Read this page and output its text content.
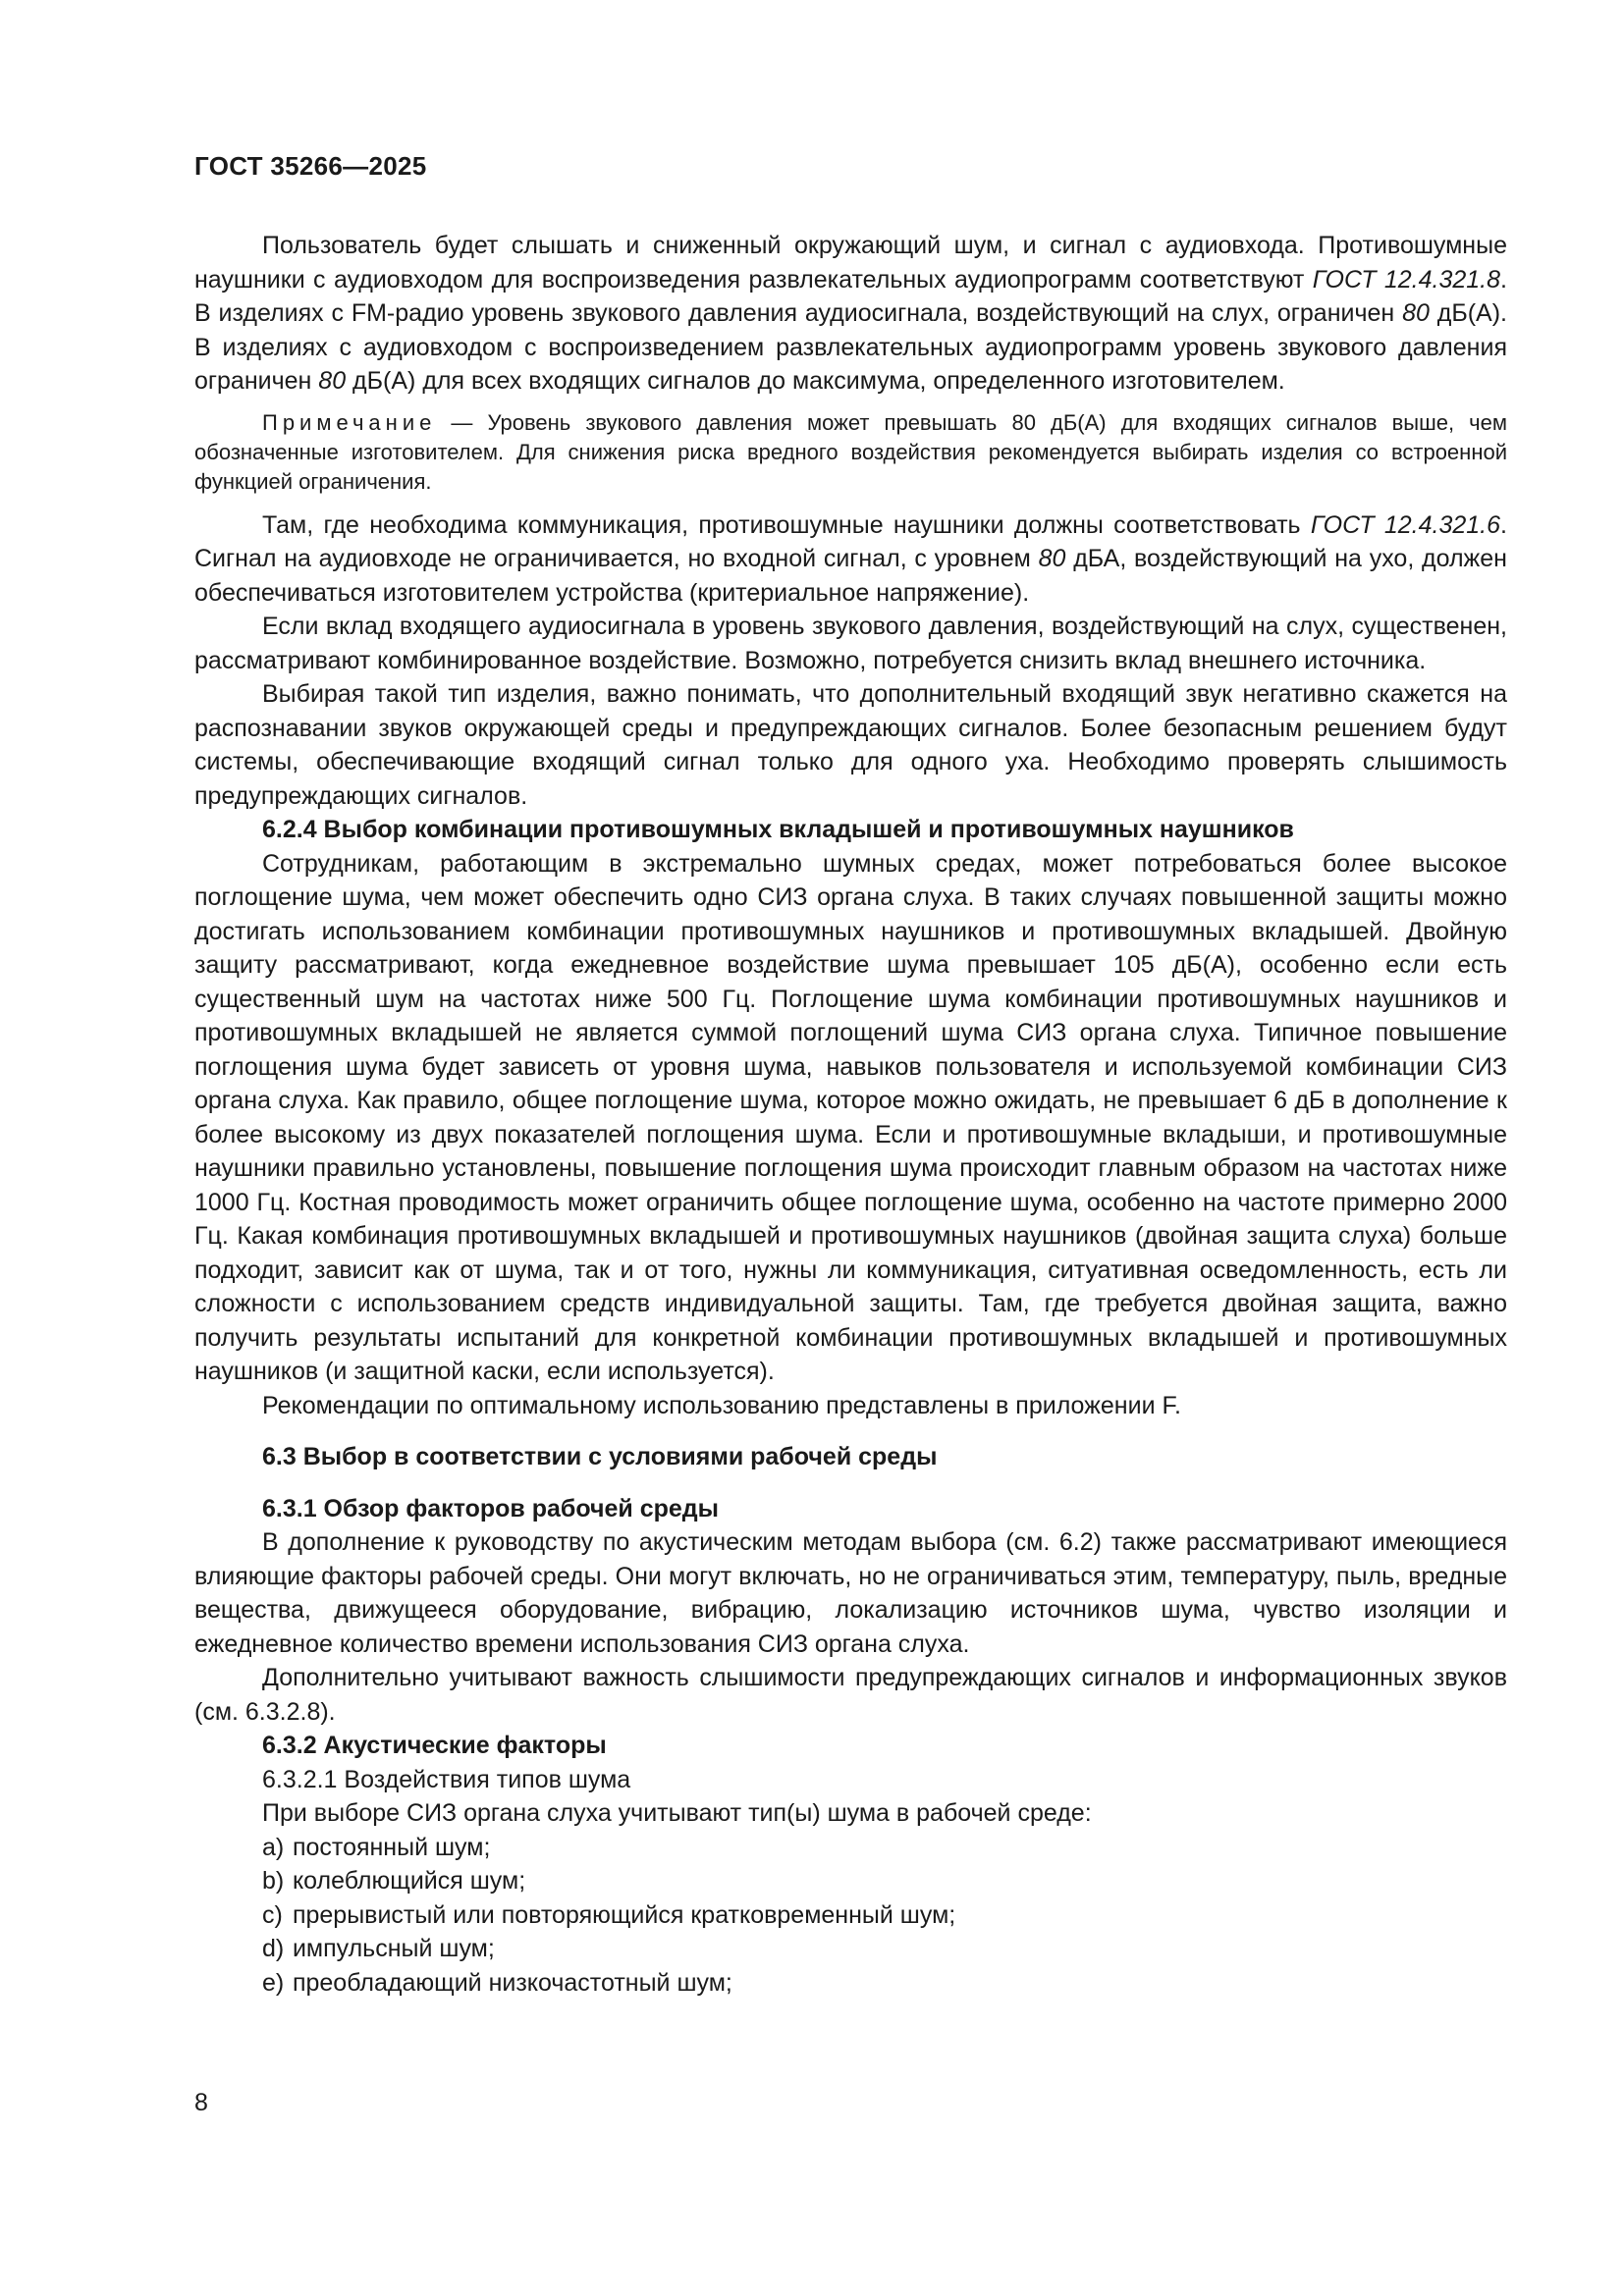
ГОСТ 35266—2025

Пользователь будет слышать и сниженный окружающий шум, и сигнал с аудиовхода. Противошумные наушники с аудиовходом для воспроизведения развлекательных аудиопрограмм соответствуют ГОСТ 12.4.321.8. В изделиях с FM-радио уровень звукового давления аудиосигнала, воздействующий на слух, ограничен 80 дБ(А). В изделиях с аудиовходом с воспроизведением развлекательных аудиопрограмм уровень звукового давления ограничен 80 дБ(А) для всех входящих сигналов до максимума, определенного изготовителем.

Примечание — Уровень звукового давления может превышать 80 дБ(А) для входящих сигналов выше, чем обозначенные изготовителем. Для снижения риска вредного воздействия рекомендуется выбирать изделия со встроенной функцией ограничения.

Там, где необходима коммуникация, противошумные наушники должны соответствовать ГОСТ 12.4.321.6. Сигнал на аудиовходе не ограничивается, но входной сигнал, с уровнем 80 дБА, воздействующий на ухо, должен обеспечиваться изготовителем устройства (критериальное напряжение).

Если вклад входящего аудиосигнала в уровень звукового давления, воздействующий на слух, существенен, рассматривают комбинированное воздействие. Возможно, потребуется снизить вклад внешнего источника.

Выбирая такой тип изделия, важно понимать, что дополнительный входящий звук негативно скажется на распознавании звуков окружающей среды и предупреждающих сигналов. Более безопасным решением будут системы, обеспечивающие входящий сигнал только для одного уха. Необходимо проверять слышимость предупреждающих сигналов.

6.2.4 Выбор комбинации противошумных вкладышей и противошумных наушников

Сотрудникам, работающим в экстремально шумных средах, может потребоваться более высокое поглощение шума, чем может обеспечить одно СИЗ органа слуха. В таких случаях повышенной защиты можно достигать использованием комбинации противошумных наушников и противошумных вкладышей. Двойную защиту рассматривают, когда ежедневное воздействие шума превышает 105 дБ(А), особенно если есть существенный шум на частотах ниже 500 Гц. Поглощение шума комбинации противошумных наушников и противошумных вкладышей не является суммой поглощений шума СИЗ органа слуха. Типичное повышение поглощения шума будет зависеть от уровня шума, навыков пользователя и используемой комбинации СИЗ органа слуха. Как правило, общее поглощение шума, которое можно ожидать, не превышает 6 дБ в дополнение к более высокому из двух показателей поглощения шума. Если и противошумные вкладыши, и противошумные наушники правильно установлены, повышение поглощения шума происходит главным образом на частотах ниже 1000 Гц. Костная проводимость может ограничить общее поглощение шума, особенно на частоте примерно 2000 Гц. Какая комбинация противошумных вкладышей и противошумных наушников (двойная защита слуха) больше подходит, зависит как от шума, так и от того, нужны ли коммуникация, ситуативная осведомленность, есть ли сложности с использованием средств индивидуальной защиты. Там, где требуется двойная защита, важно получить результаты испытаний для конкретной комбинации противошумных вкладышей и противошумных наушников (и защитной каски, если используется).

Рекомендации по оптимальному использованию представлены в приложении F.

6.3 Выбор в соответствии с условиями рабочей среды

6.3.1 Обзор факторов рабочей среды

В дополнение к руководству по акустическим методам выбора (см. 6.2) также рассматривают имеющиеся влияющие факторы рабочей среды. Они могут включать, но не ограничиваться этим, температуру, пыль, вредные вещества, движущееся оборудование, вибрацию, локализацию источников шума, чувство изоляции и ежедневное количество времени использования СИЗ органа слуха.

Дополнительно учитывают важность слышимости предупреждающих сигналов и информационных звуков (см. 6.3.2.8).

6.3.2 Акустические факторы

6.3.2.1 Воздействия типов шума

При выборе СИЗ органа слуха учитывают тип(ы) шума в рабочей среде:

a) постоянный шум;

b) колеблющийся шум;

c) прерывистый или повторяющийся кратковременный шум;

d) импульсный шум;

e) преобладающий низкочастотный шум;

8
